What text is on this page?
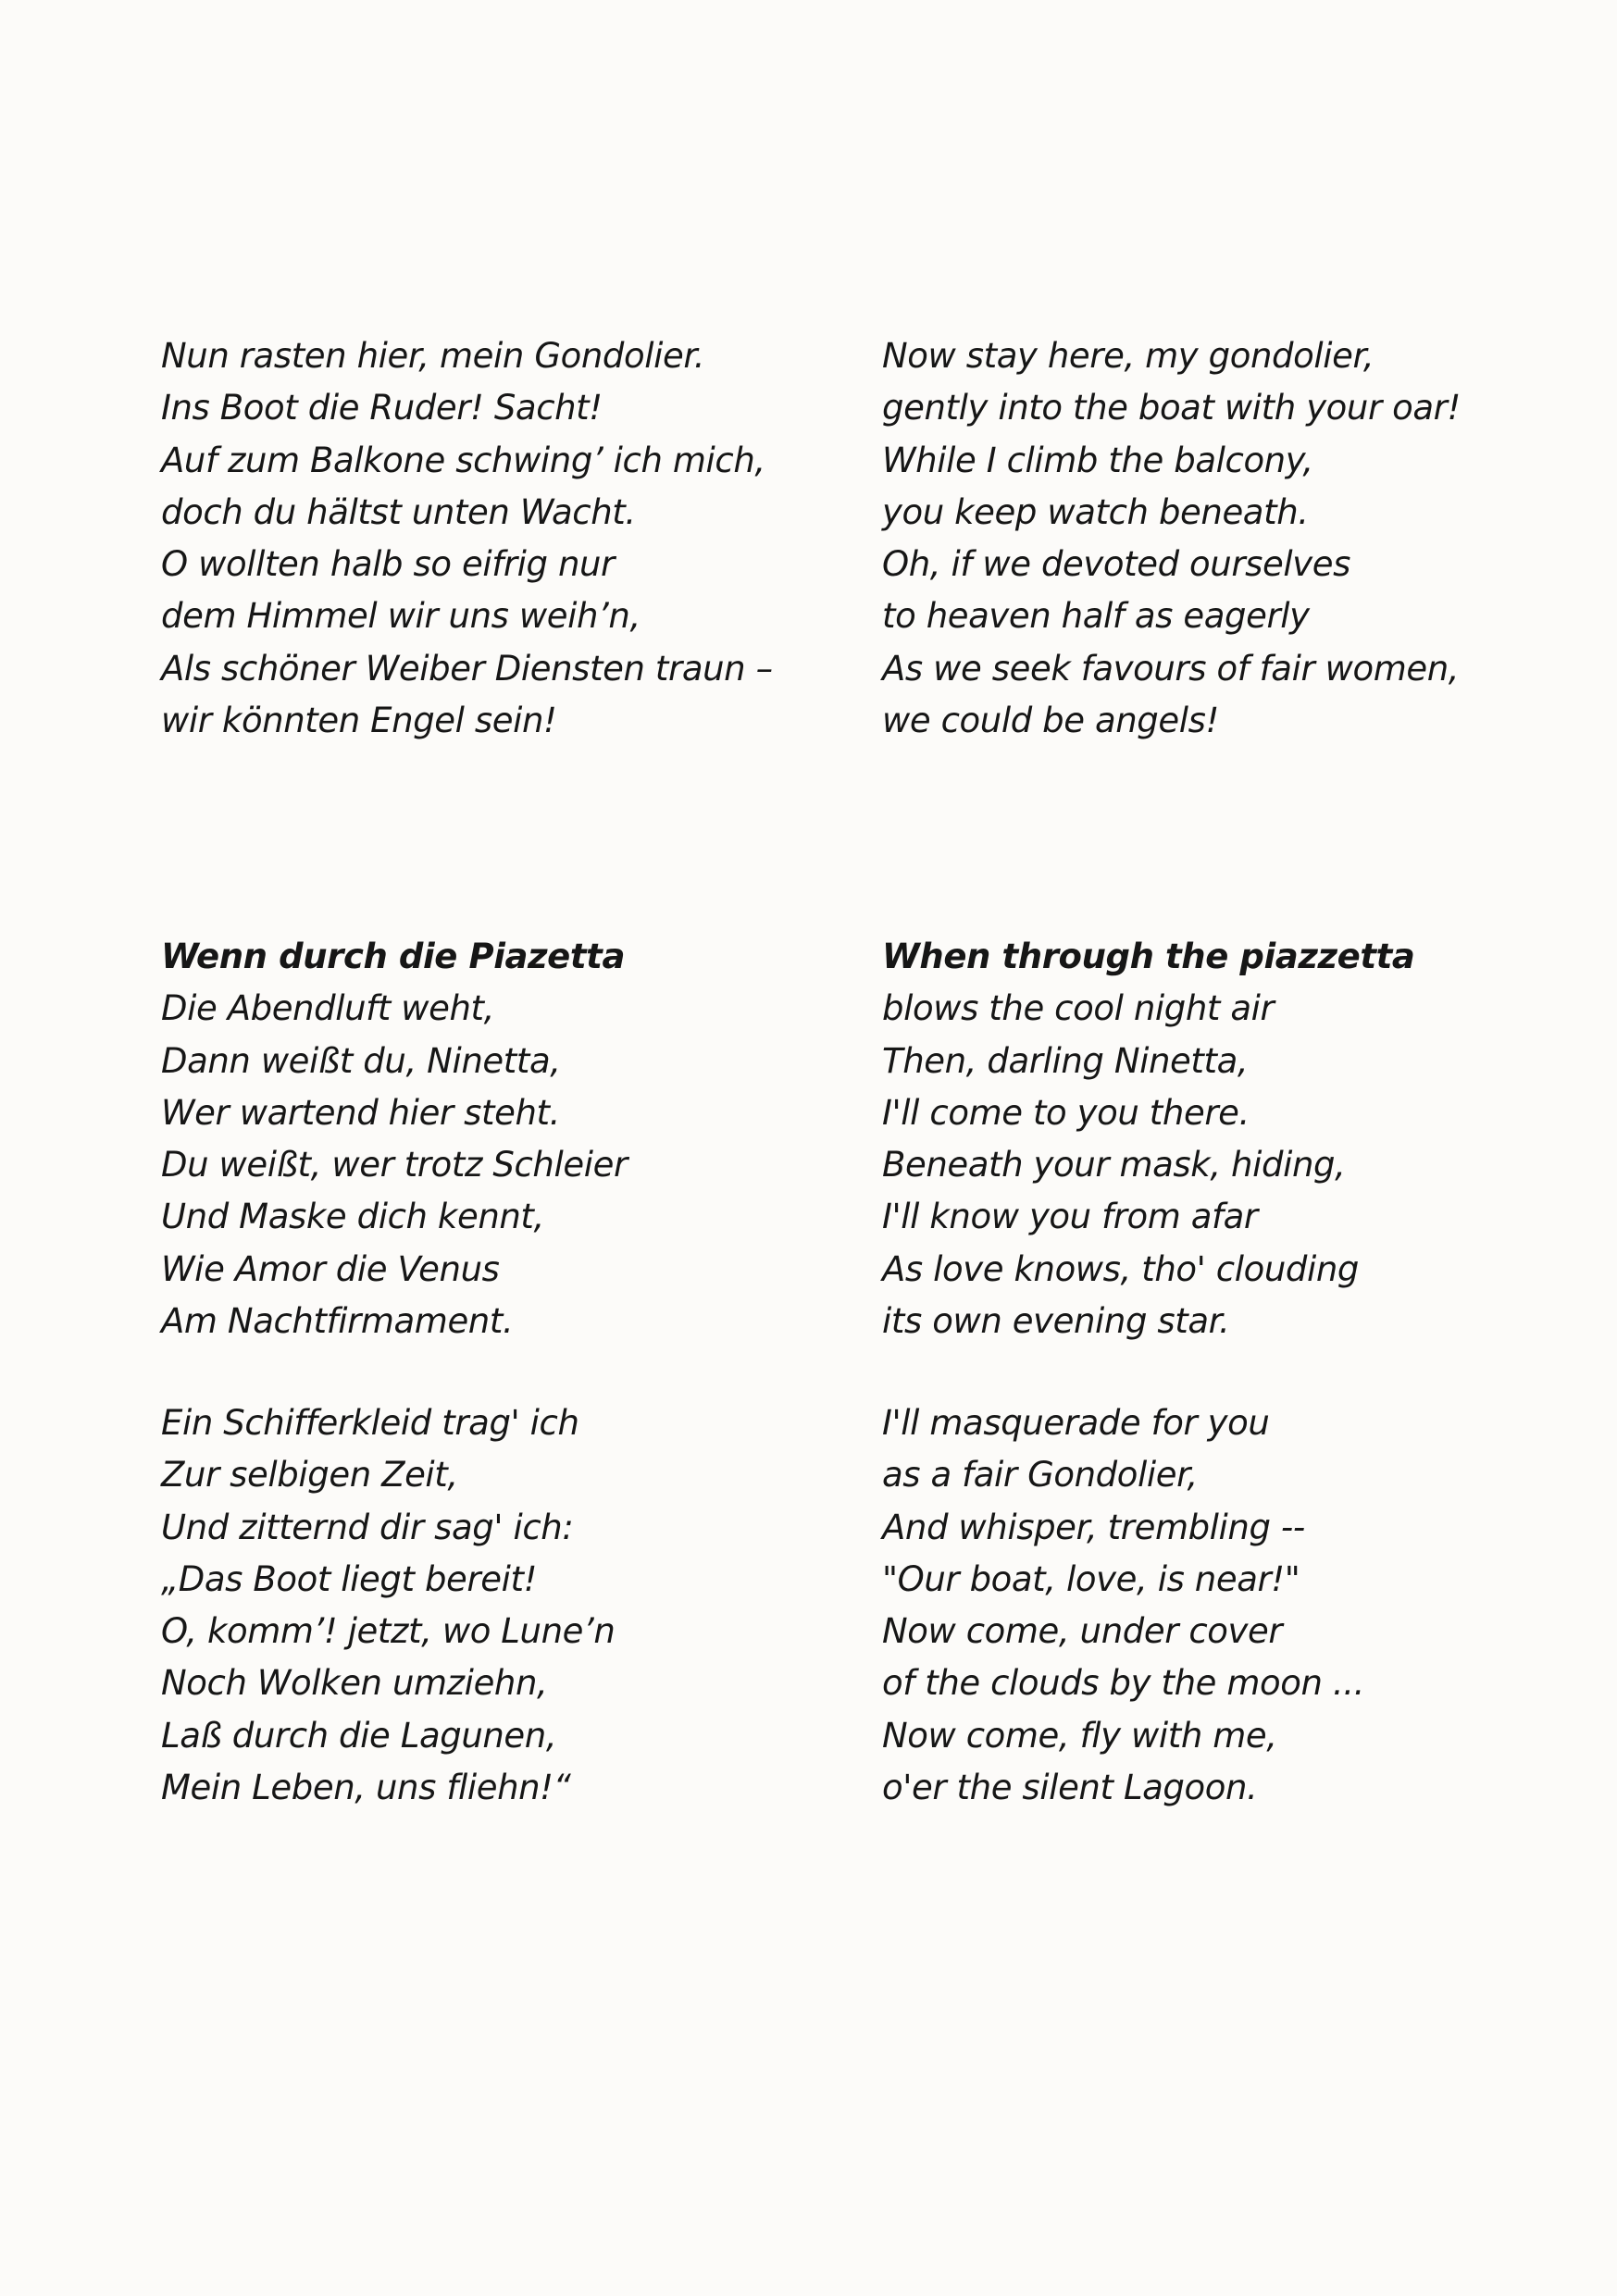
Nun rasten hier, mein Gondolier.
Ins Boot die Ruder! Sacht!
Auf zum Balkone schwing’ ich mich,
doch du hältst unten Wacht.
O wollten halb so eifrig nur
dem Himmel wir uns weih’n,
Als schöner Weiber Diensten traun –
wir könnten Engel sein!
Now stay here, my gondolier,
gently into the boat with your oar!
While I climb the balcony,
you keep watch beneath.
Oh, if we devoted ourselves
to heaven half as eagerly
As we seek favours of fair women,
we could be angels!
Wenn durch die Piazetta
Die Abendluft weht,
Dann weißt du, Ninetta,
Wer wartend hier steht.
Du weißt, wer trotz Schleier
Und Maske dich kennt,
Wie Amor die Venus
Am Nachtfirmament.
When through the piazzetta
blows the cool night air
Then, darling Ninetta,
I'll come to you there.
Beneath your mask, hiding,
I'll know you from afar
As love knows, tho' clouding
its own evening star.
Ein Schifferkleid trag' ich
Zur selbigen Zeit,
Und zitternd dir sag' ich:
„Das Boot liegt bereit!
O, komm’! jetzt, wo Lune’n
Noch Wolken umziehn,
Laß durch die Lagunen,
Mein Leben, uns fliehn!“
I'll masquerade for you
as a fair Gondolier,
And whisper, trembling --
"Our boat, love, is near!"
Now come, under cover
of the clouds by the moon ...
Now come, fly with me,
o'er the silent Lagoon.
